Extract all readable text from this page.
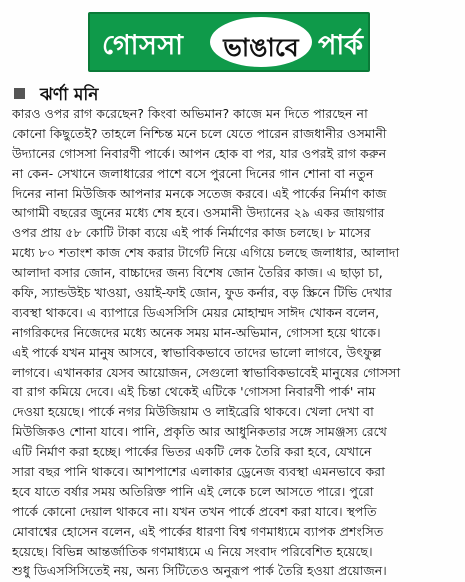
গোসসা	ভাঙাবে পার্ক
ঝর্ণা মনি
কারও ওপর রাগ করেছেন? কিংবা অভিমান? কাজে মন দিতে পারছেন না
কোনো কিছুতেই? তাহলে নিশ্চিন্ত মনে চলে যেতে পারেন রাজধানীর ওসমানী
উদ্যানের গোসসা নিবারণী পার্কে। আপন হোক বা পর, যার ওপরই রাগ করুন
না কেন- সেখানে জলাধারের পাশে বসে পুরনো দিনের গান শোনা বা নতুন
দিনের নানা মিউজিক আপনার মনকে সতেজ করবে। এই পার্কের নির্মাণ কাজ
আগামী বছরের জুনের মধ্যে শেষ হবে। ওসমানী উদ্যানের ২৯ একর জায়গার
ওপর প্রায় ৫৮ কোটি টাকা ব্যয়ে এই পার্ক নির্মাণের কাজ চলছে। ৮ মাসের
মধ্যে ৮০ শতাংশ কাজ শেষ করার টার্গেট নিয়ে এগিয়ে চলছে জলাধার, আলাদা
আলাদা বসার জোন, বাচ্চাদের জন্য বিশেষ জোন তৈরির কাজ। এ ছাড়া চা,
কফি, স্যান্ডউইচ খাওয়া, ওয়াই-ফাই জোন, ফুড কর্নার, বড় স্ক্রিনে টিভি দেখার
ব্যবস্থা থাকবে। এ ব্যাপারে ডিএসসিসি মেয়র মোহাম্মদ সাঈদ খোকন বলেন,
নাগরিকদের নিজেদের মধ্যে অনেক সময় মান-অভিমান, গোসসা হয়ে থাকে।
এই পার্কে যখন মানুষ আসবে, স্বাভাবিকভাবে তাদের ভালো লাগবে, উৎফুল্ল
লাগবে। এখানকার যেসব আয়োজন, সেগুলো স্বাভাবিকভাবেই মানুষের গোসসা
বা রাগ কমিয়ে দেবে। এই চিন্তা থেকেই এটিকে 'গোসসা নিবারণী পার্ক' নাম
দেওয়া হয়েছে। পার্কে নগর মিউজিয়াম ও লাইব্রেরি থাকবে। খেলা দেখা বা
মিউজিকও শোনা যাবে। পানি, প্রকৃতি আর আধুনিকতার সঙ্গে সামঞ্জস্য রেখে
এটি নির্মাণ করা হচ্ছে। পার্কের ভিতর একটি লেক তৈরি করা হবে, যেখানে
সারা বছর পানি থাকবে। আশপাশের এলাকার ড্রেনেজ ব্যবস্থা এমনভাবে করা
হবে যাতে বর্ষার সময় অতিরিক্ত পানি এই লেকে চলে আসতে পারে। পুরো
পার্কে কোনো দেয়াল থাকবে না। যখন তখন পার্কে প্রবেশ করা যাবে। স্থপতি
মোবাশ্বের হোসেন বলেন, এই পার্কের ধারণা বিশ্ব গণমাধ্যমে ব্যাপক প্রশংসিত
হয়েছে। বিভিন্ন আন্তর্জাতিক গণমাধ্যমে এ নিয়ে সংবাদ পরিবেশিত হয়েছে।
শুধু ডিএসসিসিতেই নয়, অন্য সিটিতেও অনুরূপ পার্ক তৈরি হওয়া প্রয়োজন।
